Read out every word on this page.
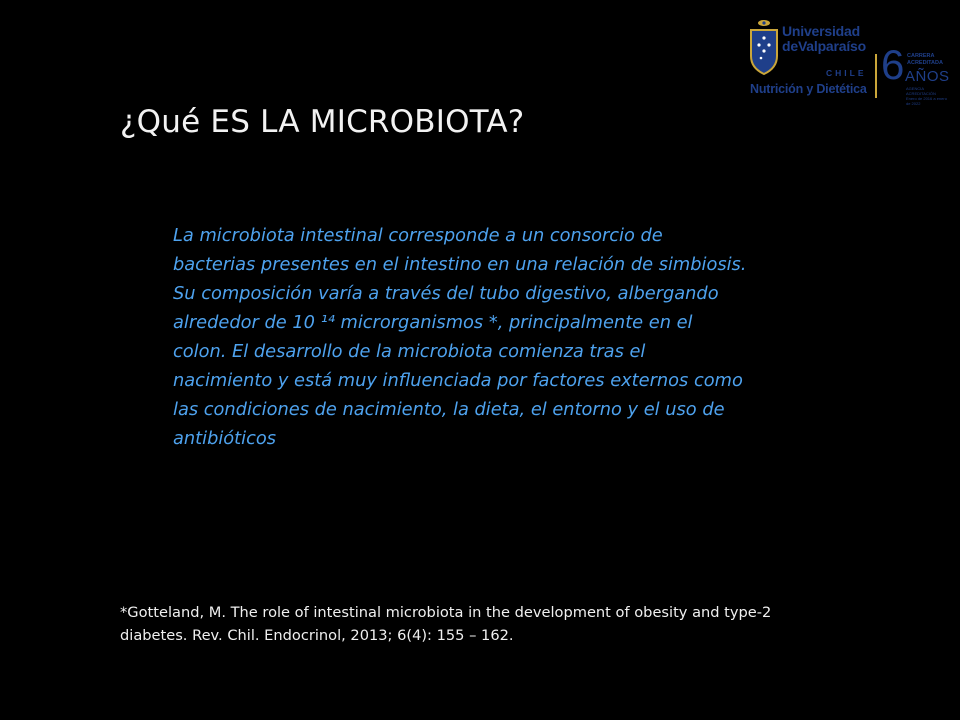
Universidad
deValparaíso
CHILE
Nutrición y Dietética
6 CARRERA
ACREDITADA
AÑOS
AGENCIA ACREDITACIÓN
Enero de 2016 a enero de 2022
¿Qué ES LA MICROBIOTA?
La microbiota intestinal corresponde a un consorcio de
bacterias presentes en el intestino en una relación de simbiosis.
Su composición varía a través del tubo digestivo, albergando
alrededor de 10 ¹⁴ microrganismos *, principalmente en el
colon. El desarrollo de la microbiota comienza tras el
nacimiento y está muy influenciada por factores externos como
las condiciones de nacimiento, la dieta, el entorno y el uso de
antibióticos
*Gotteland, M. The role of intestinal microbiota in the development of obesity and type-2
diabetes. Rev. Chil. Endocrinol, 2013; 6(4): 155 – 162.
